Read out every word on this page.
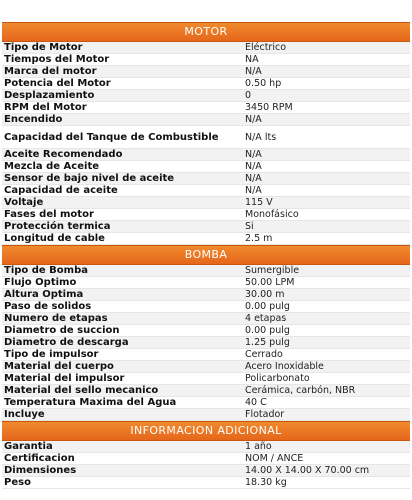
MOTOR
Tipo de Motor	Eléctrico
Tiempos del Motor	NA
Marca del motor	N/A
Potencia del Motor	0.50 hp
Desplazamiento	0
RPM del Motor	3450 RPM
Encendido	N/A
Capacidad del Tanque de Combustible	N/A lts
Aceite Recomendado	N/A
Mezcla de Aceite	N/A
Sensor de bajo nivel de aceite	N/A
Capacidad de aceite	N/A
Voltaje	115 V
Fases del motor	Monofásico
Protección termica	Si
Longitud de cable	2.5 m
BOMBA
Tipo de Bomba	Sumergible
Flujo Optimo	50.00 LPM
Altura Optima	30.00 m
Paso de solidos	0.00 pulg
Numero de etapas	4 etapas
Diametro de succion	0.00 pulg
Diametro de descarga	1.25 pulg
Tipo de impulsor	Cerrado
Material del cuerpo	Acero Inoxidable
Material del impulsor	Policarbonato
Material del sello mecanico	Cerámica, carbón, NBR
Temperatura Maxima del Agua	40 C
Incluye	Flotador
INFORMACION ADICIONAL
Garantia	1 año
Certificacion	NOM / ANCE
Dimensiones	14.00 X 14.00 X 70.00 cm
Peso	18.30 kg
